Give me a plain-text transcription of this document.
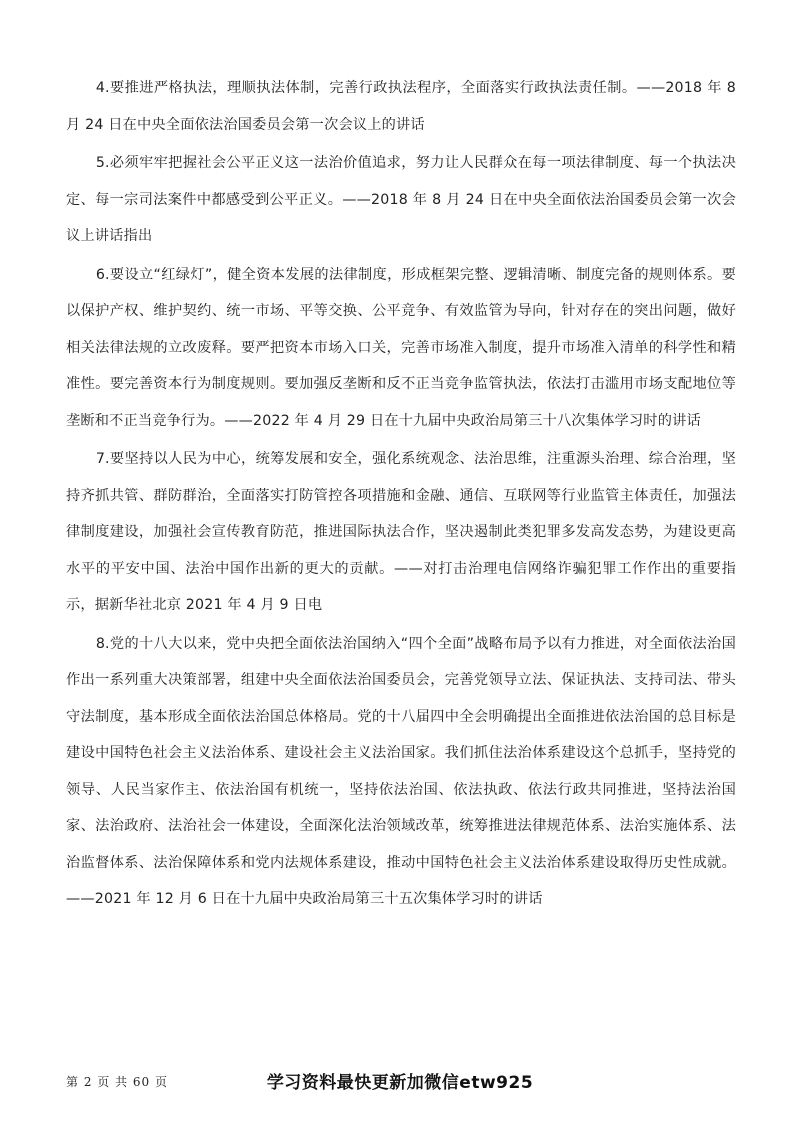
4.要推进严格执法，理顺执法体制，完善行政执法程序，全面落实行政执法责任制。——2018 年 8 月 24 日在中央全面依法治国委员会第一次会议上的讲话

5.必须牢牢把握社会公平正义这一法治价值追求，努力让人民群众在每一项法律制度、每一个执法决定、每一宗司法案件中都感受到公平正义。——2018 年 8 月 24 日在中央全面依法治国委员会第一次会议上讲话指出

6.要设立“红绿灯”，健全资本发展的法律制度，形成框架完整、逻辑清晰、制度完备的规则体系。要以保护产权、维护契约、统一市场、平等交换、公平竞争、有效监管为导向，针对存在的突出问题，做好相关法律法规的立改废释。要严把资本市场入口关，完善市场准入制度，提升市场准入清单的科学性和精准性。要完善资本行为制度规则。要加强反垄断和反不正当竞争监管执法，依法打击滥用市场支配地位等垄断和不正当竞争行为。——2022 年 4 月 29 日在十九届中央政治局第三十八次集体学习时的讲话

7.要坚持以人民为中心，统筹发展和安全，强化系统观念、法治思维，注重源头治理、综合治理，坚持齐抓共管、群防群治，全面落实打防管控各项措施和金融、通信、互联网等行业监管主体责任，加强法律制度建设，加强社会宣传教育防范，推进国际执法合作，坚决遏制此类犯罪多发高发态势，为建设更高水平的平安中国、法治中国作出新的更大的贡献。——对打击治理电信网络诈骗犯罪工作作出的重要指示，据新华社北京 2021 年 4 月 9 日电

8.党的十八大以来，党中央把全面依法治国纳入“四个全面”战略布局予以有力推进，对全面依法治国作出一系列重大决策部署，组建中央全面依法治国委员会，完善党领导立法、保证执法、支持司法、带头守法制度，基本形成全面依法治国总体格局。党的十八届四中全会明确提出全面推进依法治国的总目标是建设中国特色社会主义法治体系、建设社会主义法治国家。我们抓住法治体系建设这个总抓手，坚持党的领导、人民当家作主、依法治国有机统一，坚持依法治国、依法执政、依法行政共同推进，坚持法治国家、法治政府、法治社会一体建设，全面深化法治领域改革，统筹推进法律规范体系、法治实施体系、法治监督体系、法治保障体系和党内法规体系建设，推动中国特色社会主义法治体系建设取得历史性成就。——2021 年 12 月 6 日在十九届中央政治局第三十五次集体学习时的讲话

第 2 页 共 60 页	学习资料最快更新加微信etw925
